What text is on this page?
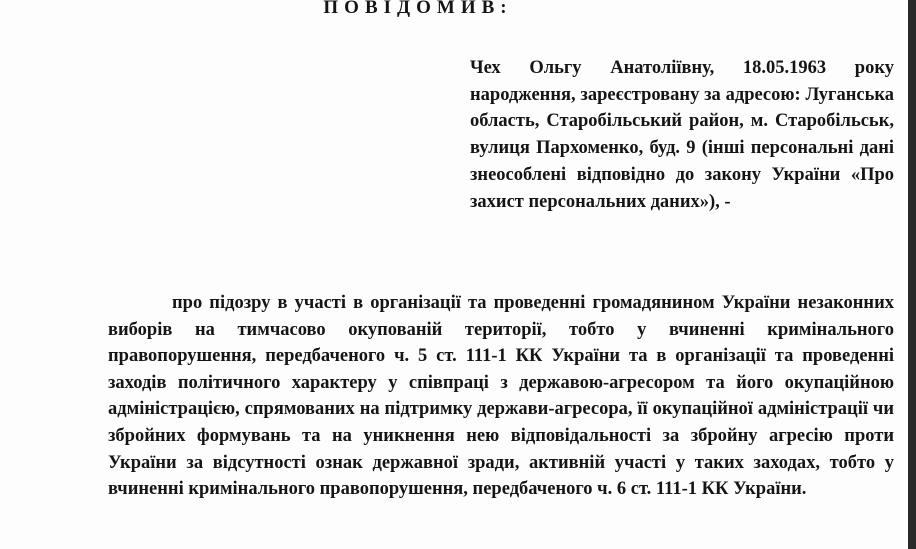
ПОВІДОМИВ:

Чех Ольгу Анатоліївну, 18.05.1963 року народження, зареєстровану за адресою: Луганська область, Старобільський район, м. Старобільськ, вулиця Пархоменко, буд. 9 (інші персональні дані знеособлені відповідно до закону України «Про захист персональних даних»), -

про підозру в участі в організації та проведенні громадянином України незаконних виборів на тимчасово окупованій території, тобто у вчиненні кримінального правопорушення, передбаченого ч. 5 ст. 111-1 КК України та в організації та проведенні заходів політичного характеру у співпраці з державою-агресором та його окупаційною адміністрацією, спрямованих на підтримку держави-агресора, її окупаційної адміністрації чи збройних формувань та на уникнення нею відповідальності за збройну агресію проти України за відсутності ознак державної зради, активній участі у таких заходах, тобто у вчиненні кримінального правопорушення, передбаченого ч. 6 ст. 111-1 КК України.
